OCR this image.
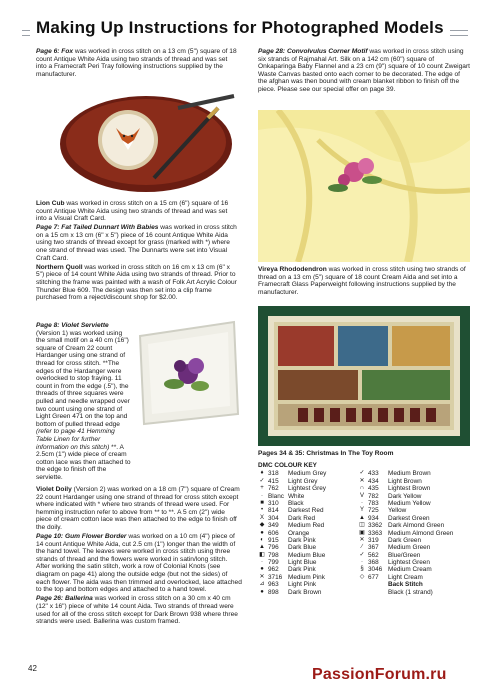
Making Up Instructions for Photographed Models

Page 6: Fox was worked in cross stitch on a 13 cm (5") square of 18 count Antique White Aida using two strands of thread and was set into a Framecraft Peri Tray following instructions supplied by the manufacturer.

Lion Cub was worked in cross stitch on a 15 cm (6") square of 16 count Antique White Aida using two strands of thread and was set into a Visual Craft Card.

Page 7: Fat Tailed Dunnart With Babies was worked in cross stitch on a 15 cm x 13 cm (6" x 5") piece of 16 count Antique White Aida using two strands of thread except for grass (marked with *) where one strand of thread was used. The Dunnarts were set into Visual Craft Card.

Northern Quoll was worked in cross stitch on 16 cm x 13 cm (6" x 5") piece of 14 count White Aida using two strands of thread. Prior to stitching the frame was painted with a wash of Folk Art Acrylic Colour Thunder Blue 609. The design was then set into a clip frame purchased from a reject/discount shop for $2.00.

Page 8: Violet Serviette (Version 1) was worked using the small motif on a 40 cm (16") square of Cream 22 count Hardanger using one strand of thread for cross stitch. **The edges of the Hardanger were overlocked to stop fraying. 11 count in from the edge (.5"), the threads of three squares were pulled and needle wrapped over two count using one strand of Light Green 471 on the top and bottom of pulled thread edge (refer to page 41 Hemming Table Linen for further information on this stitch) **. A 2.5cm (1") wide piece of cream cotton lace was then attached to the edge to finish off the serviette.

Violet Doily (Version 2) was worked on a 18 cm (7") square of Cream 22 count Hardanger using one strand of thread for cross stitch except where indicated with * where two strands of thread were used. For hemming instruction refer to above from ** to **. A 5 cm (2") wide piece of cream cotton lace was then attached to the edge to finish off the doily.

Page 10: Gum Flower Border was worked on a 10 cm (4") piece of 14 count Antique White Aida, cut 2.5 cm (1") longer than the width of the hand towel. The leaves were worked in cross stitch using three strands of thread and the flowers were worked in satin/long stitch. After working the satin stitch, work a row of Colonial Knots (see diagram on page 41) along the outside edge (but not the sides) of each flower. The aida was then trimmed and overlocked, lace attached to the top and bottom edges and attached to a hand towel.

Page 26: Ballerina was worked in cross stitch on a 30 cm x 40 cm (12" x 16") piece of white 14 count Aida. Two strands of thread were used for all of the cross stitch except for Dark Brown 938 where three strands were used. Ballerina was custom framed.

Page 28: Convolvulus Corner Motif was worked in cross stitch using six strands of Rajmahal Art. Silk on a 142 cm (60") square of Onkaparinga Baby Flannel and a 23 cm (9") square of 10 count Zweigart Waste Canvas basted onto each corner to be decorated. The edge of the afghan was then bound with cream blanket ribbon to finish off the piece. Please see our special offer on page 39.

Vireya Rhododendron was worked in cross stitch using two strands of thread on a 13 cm (5") square of 18 count Cream Aida and set into a Framecraft Glass Paperweight following instructions supplied by the manufacturer.

Pages 34 & 35: Christmas In The Toy Room

DMC COLOUR KEY
♦ 318	Medium Grey
✓ 415	Light Grey
+ 762	Lightest Grey
· Blanc White
■ 310	Black
• 814	Darkest Red
X 304	Dark Red
◆ 349	Medium Red
● 606	Orange
◐ 915	Dark Pink
▲ 796	Dark Blue
◧ 798	Medium Blue
· 799	Light Blue
● 962	Dark Pink
✕ 3716 Medium Pink
⊿ 963	Light Pink
● 898	Dark Brown
✓ 433	Medium Brown
✕ 434	Light Brown
∩ 435	Lightest Brown
V 782	Dark Yellow
· 783	Medium Yellow
Y 725	Yellow
▲ 934	Darkest Green
◫ 3362 Dark Almond Green
▣ 3363 Medium Almond Green
✕ 319	Dark Green
∕ 367	Medium Green
✓ 562	Blue/Green
· 368	Lightest Green
§ 3046 Medium Cream
◇ 677	Light Cream
Back Stitch
Black (1 strand)
42	PassionForum.ru
